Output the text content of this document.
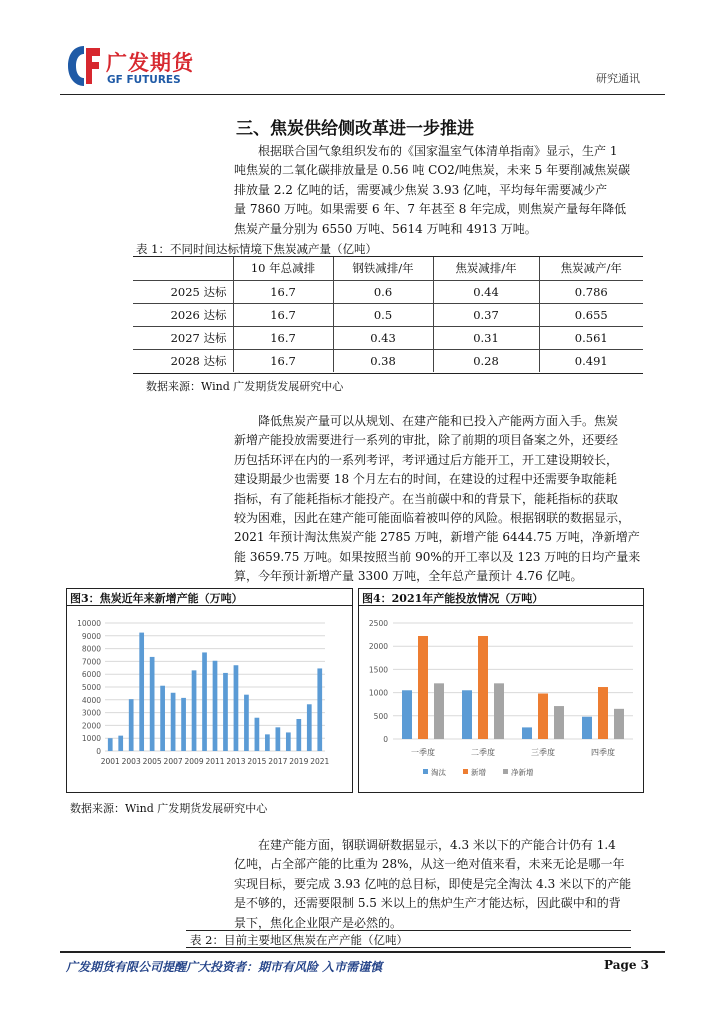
广发期货
GF FUTURES	研究通讯
三、焦炭供给侧改革进一步推进
根据联合国气象组织发布的《国家温室气体清单指南》显示，生产 1
吨焦炭的二氧化碳排放量是 0.56 吨 CO2/吨焦炭，未来 5 年要削减焦炭碳
排放量 2.2 亿吨的话，需要减少焦炭 3.93 亿吨，平均每年需要减少产
量 7860 万吨。如果需要 6 年、7 年甚至 8 年完成，则焦炭产量每年降低
焦炭产量分别为 6550 万吨、5614 万吨和 4913 万吨。
表 1：不同时间达标情境下焦炭减产量（亿吨）
	10 年总减排	钢铁减排/年	焦炭减排/年	焦炭减产/年
2025 达标	16.7	0.6	0.44	0.786
2026 达标	16.7	0.5	0.37	0.655
2027 达标	16.7	0.43	0.31	0.561
2028 达标	16.7	0.38	0.28	0.491
数据来源：Wind 广发期货发展研究中心
降低焦炭产量可以从规划、在建产能和已投入产能两方面入手。焦炭
新增产能投放需要进行一系列的审批，除了前期的项目备案之外，还要经
历包括环评在内的一系列考评，考评通过后方能开工，开工建设期较长，
建设期最少也需要 18 个月左右的时间，在建设的过程中还需要争取能耗
指标，有了能耗指标才能投产。在当前碳中和的背景下，能耗指标的获取
较为困难，因此在建产能可能面临着被叫停的风险。根据钢联的数据显示，
2021 年预计淘汰焦炭产能 2785 万吨，新增产能 6444.75 万吨，净新增产
能 3659.75 万吨。如果按照当前 90%的开工率以及 123 万吨的日均产量来
算，今年预计新增产量 3300 万吨，全年总产量预计 4.76 亿吨。
图3：焦炭近年来新增产能（万吨）
0
1000
2000
3000
4000
5000
6000
7000
8000
9000
10000
2001 2003 2005 2007 2009 2011 2013 2015 2017 2019 2021
图4：2021年产能投放情况（万吨）
0
500
1000
1500
2000
2500
一季度	二季度	三季度	四季度
淘汰	新增	净新增
数据来源：Wind 广发期货发展研究中心
在建产能方面，钢联调研数据显示，4.3 米以下的产能合计仍有 1.4
亿吨，占全部产能的比重为 28%，从这一绝对值来看，未来无论是哪一年
实现目标，要完成 3.93 亿吨的总目标，即使是完全淘汰 4.3 米以下的产能
是不够的，还需要限制 5.5 米以上的焦炉生产才能达标，因此碳中和的背
景下，焦化企业限产是必然的。
表 2：目前主要地区焦炭在产产能（亿吨）
广发期货有限公司提醒广大投资者：期市有风险 入市需谨慎	Page 3
